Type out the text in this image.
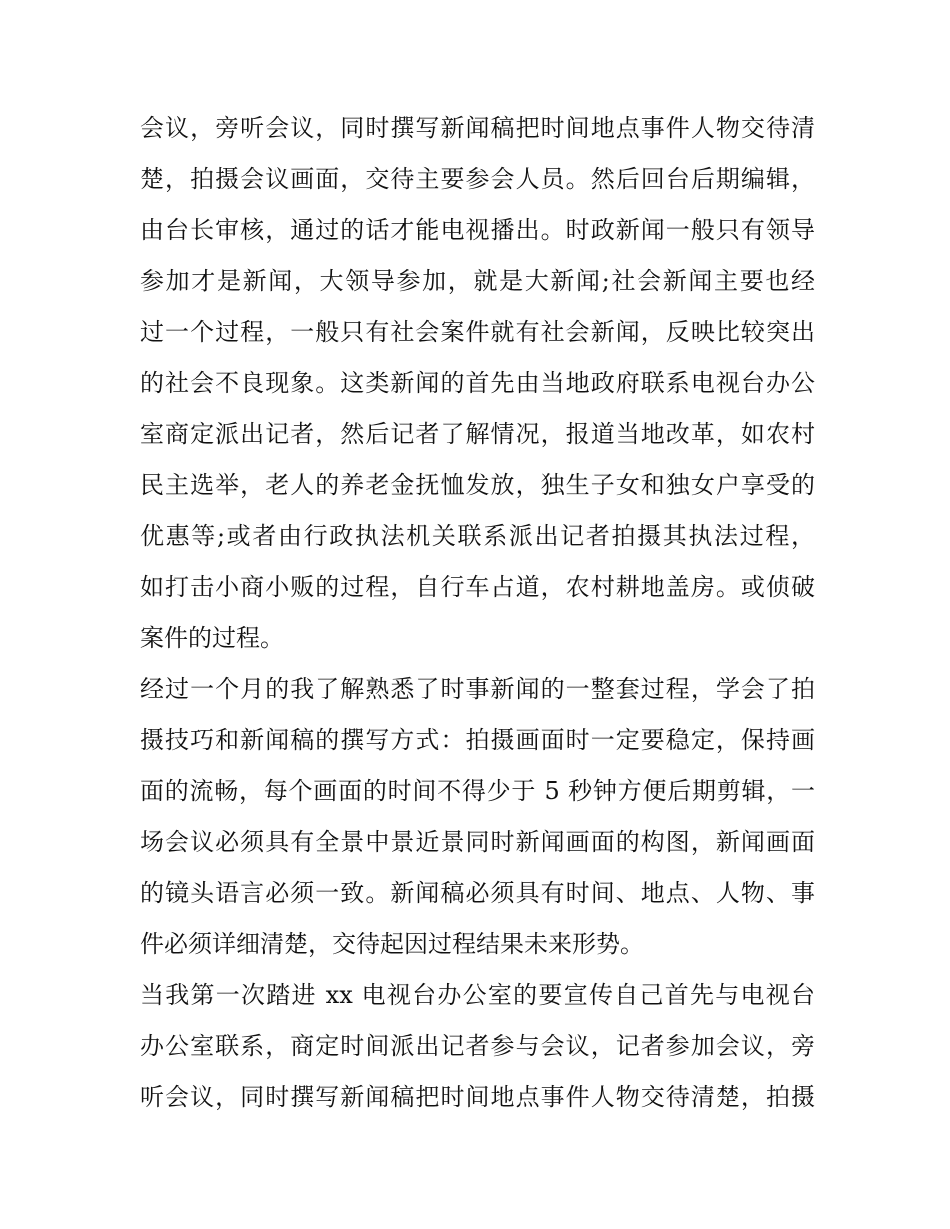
会议，旁听会议，同时撰写新闻稿把时间地点事件人物交待清
楚，拍摄会议画面，交待主要参会人员。然后回台后期编辑，
由台长审核，通过的话才能电视播出。时政新闻一般只有领导
参加才是新闻，大领导参加，就是大新闻;社会新闻主要也经
过一个过程，一般只有社会案件就有社会新闻，反映比较突出
的社会不良现象。这类新闻的首先由当地政府联系电视台办公
室商定派出记者，然后记者了解情况，报道当地改革，如农村
民主选举，老人的养老金抚恤发放，独生子女和独女户享受的
优惠等;或者由行政执法机关联系派出记者拍摄其执法过程，
如打击小商小贩的过程，自行车占道，农村耕地盖房。或侦破
案件的过程。
经过一个月的我了解熟悉了时事新闻的一整套过程，学会了拍
摄技巧和新闻稿的撰写方式：拍摄画面时一定要稳定，保持画
面的流畅，每个画面的时间不得少于 5 秒钟方便后期剪辑，一
场会议必须具有全景中景近景同时新闻画面的构图，新闻画面
的镜头语言必须一致。新闻稿必须具有时间、地点、人物、事
件必须详细清楚，交待起因过程结果未来形势。
当我第一次踏进 xx 电视台办公室的要宣传自己首先与电视台
办公室联系，商定时间派出记者参与会议，记者参加会议，旁
听会议，同时撰写新闻稿把时间地点事件人物交待清楚，拍摄
